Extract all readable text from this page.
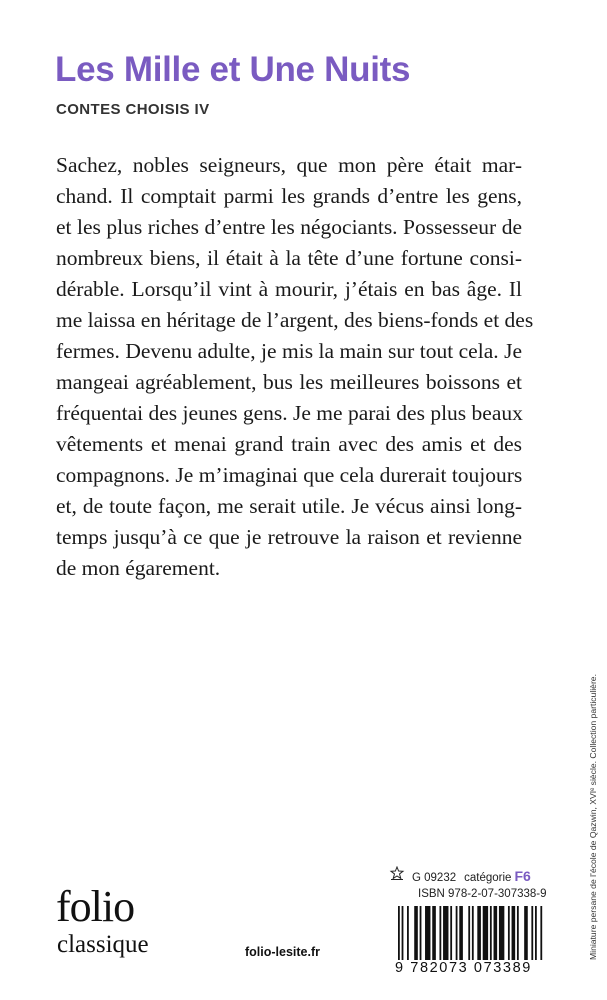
Les Mille et Une Nuits
CONTES CHOISIS IV
Sachez, nobles seigneurs, que mon père était mar-
chand. Il comptait parmi les grands d’entre les gens,
et les plus riches d’entre les négociants. Possesseur de
nombreux biens, il était à la tête d’une fortune consi-
dérable. Lorsqu’il vint à mourir, j’étais en bas âge. Il
me laissa en héritage de l’argent, des biens-fonds et des
fermes. Devenu adulte, je mis la main sur tout cela. Je
mangeai agréablement, bus les meilleures boissons et
fréquentai des jeunes gens. Je me parai des plus beaux
vêtements et menai grand train avec des amis et des
compagnons. Je m’imaginai que cela durerait toujours
et, de toute façon, me serait utile. Je vécus ainsi long-
temps jusqu’à ce que je retrouve la raison et revienne
de mon égarement.
Miniature persane de l’école de Qazwin, XVIᵉ siècle. Collection particulière.
G 09232 catégorie F6
ISBN 978-2-07-307338-9
9 782073 073389
folio
classique	folio-lesite.fr
